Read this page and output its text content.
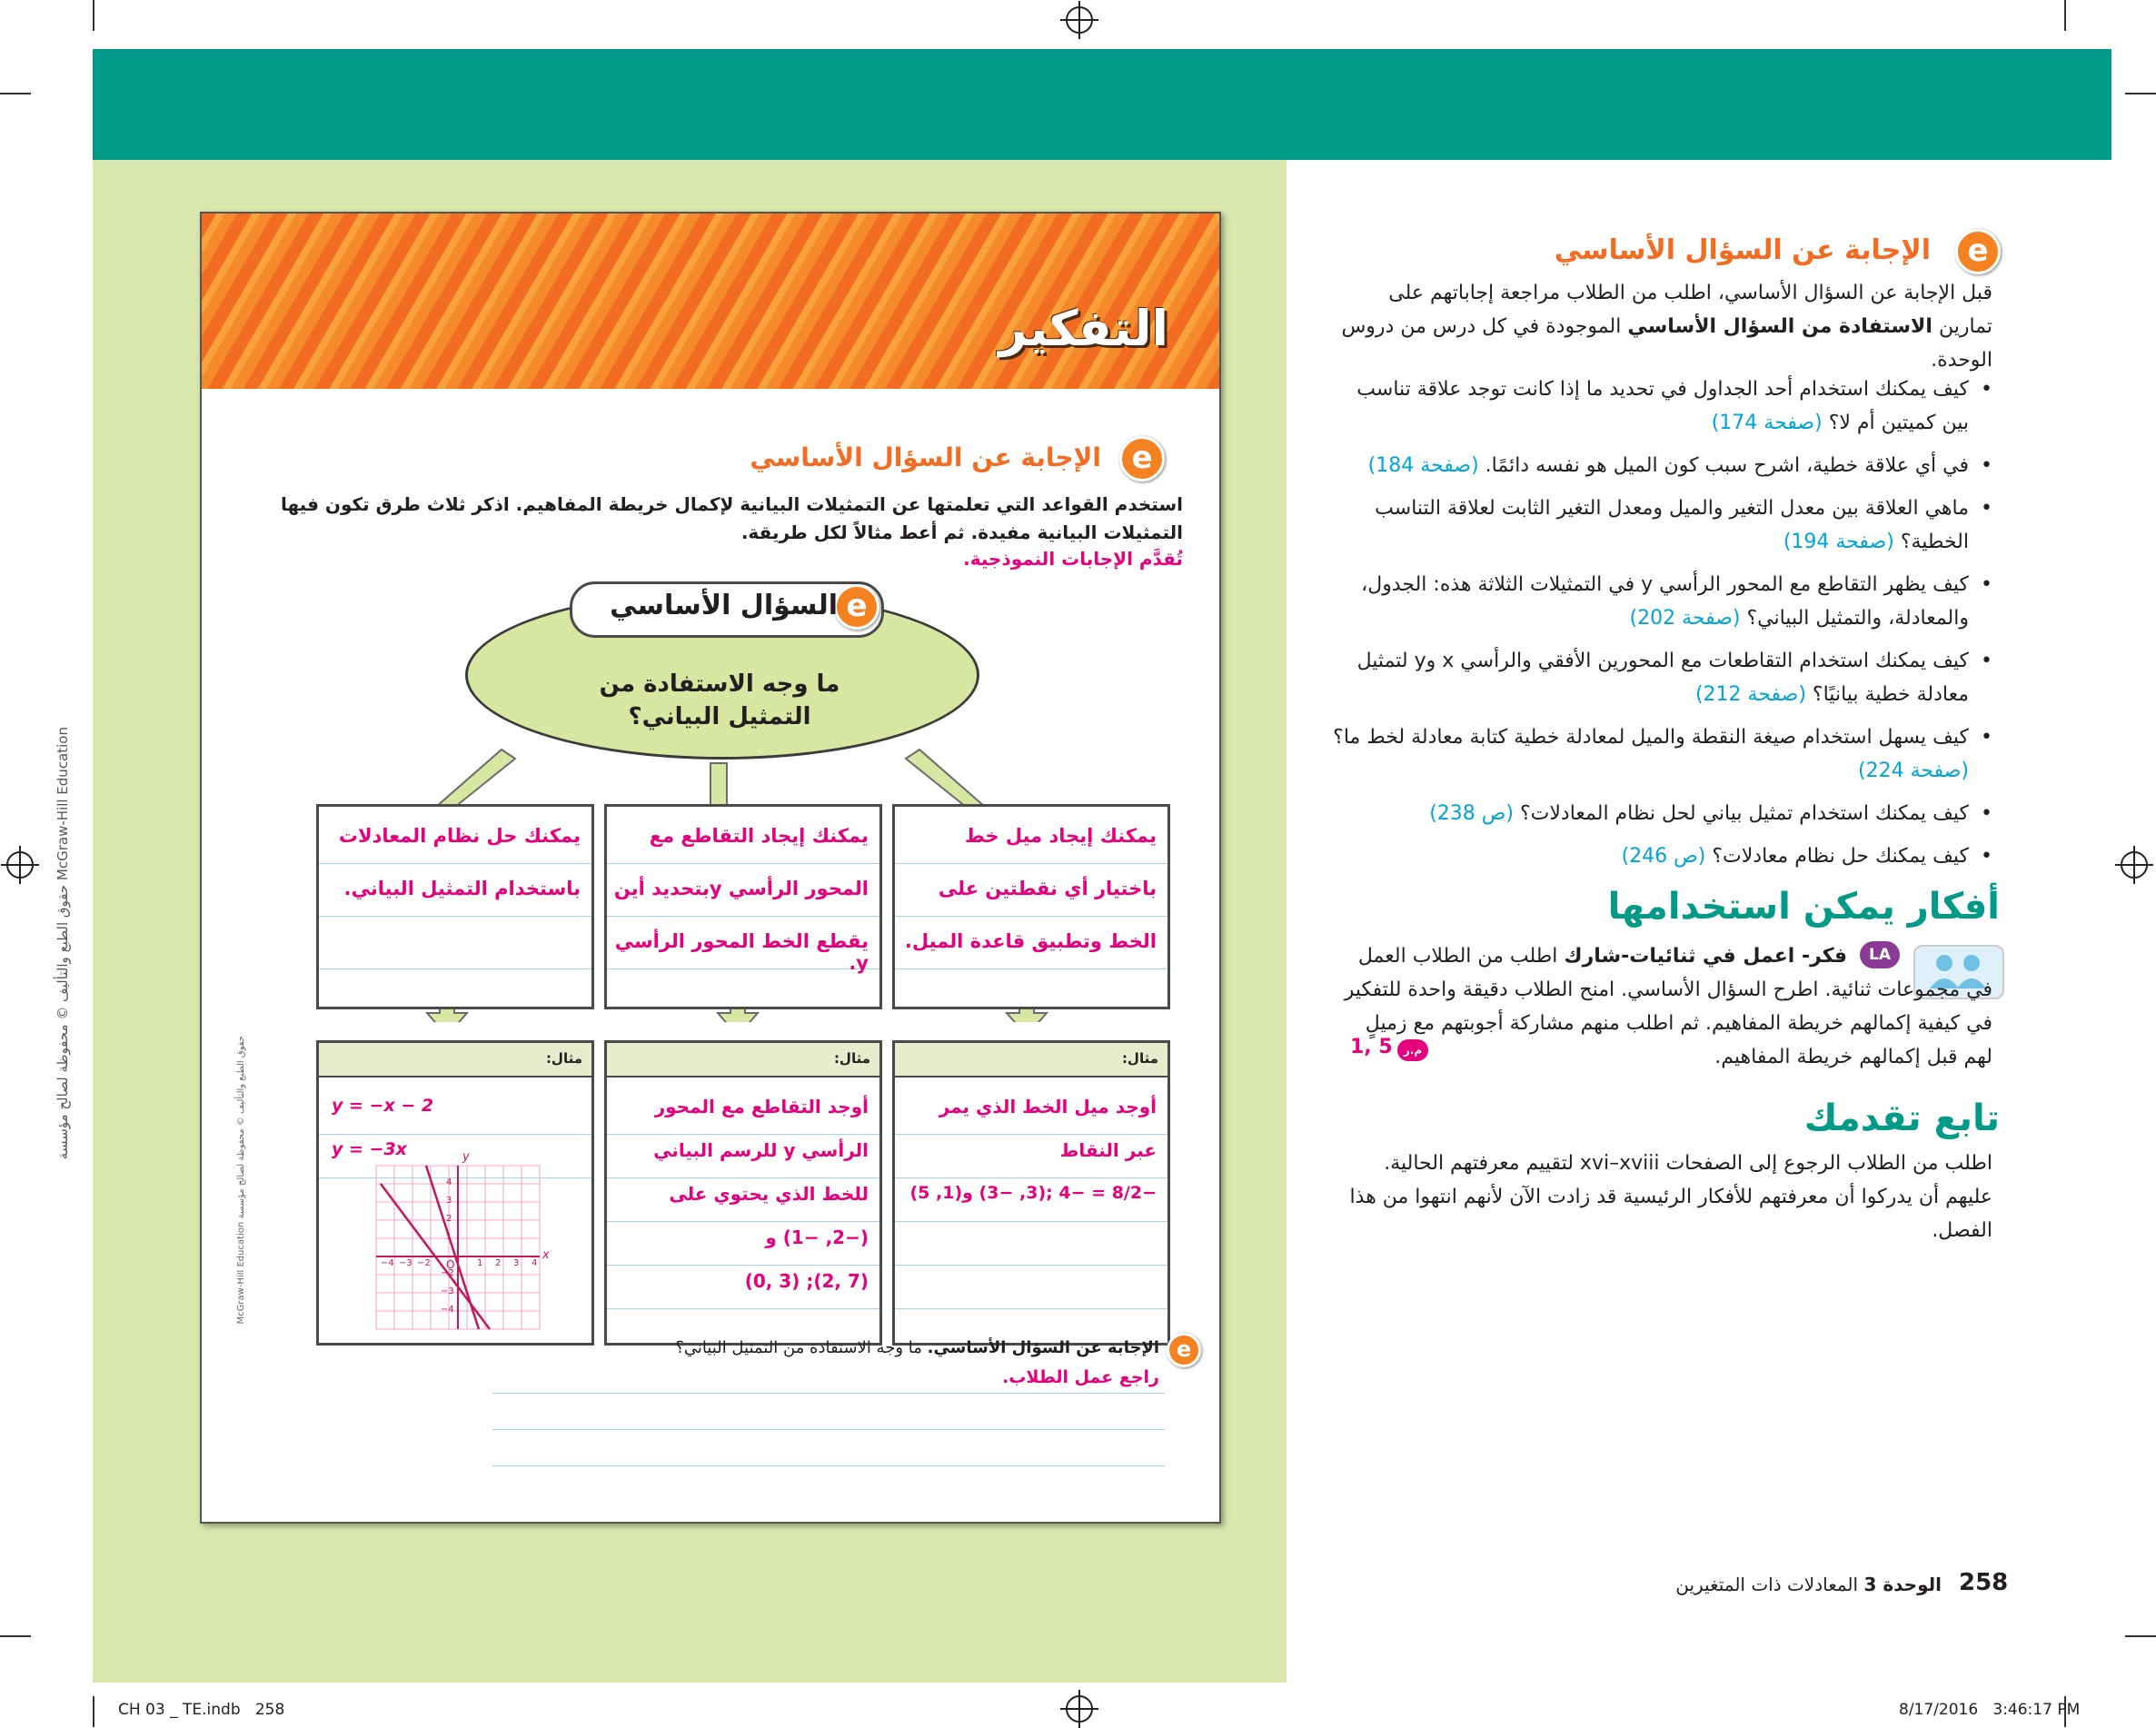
McGraw-Hill Education حقوق الطبع والتأليف © محفوظة لصالح مؤسسة
التفكير
e
الإجابة عن السؤال الأساسي
استخدم القواعد التي تعلمتها عن التمثيلات البيانية لإكمال خريطة المفاهيم. اذكر ثلاث طرق تكون فيها التمثيلات البيانية مفيدة. ثم أعط مثالاً لكل طريقة.
تُقدَّم الإجابات النموذجية.
e
السؤال الأساسي
ما وجه الاستفادة من التمثيل البياني؟
يمكنك إيجاد ميل خط
باختيار أي نقطتين على
الخط وتطبيق قاعدة الميل.
يمكنك إيجاد التقاطع مع
المحور الرأسي yبتحديد أين
يقطع الخط المحور الرأسي y.
يمكنك حل نظام المعادلات
باستخدام التمثيل البياني.
مثال:
أوجد ميل الخط الذي يمر
عبر النقاط
−8/2 = −4 ;(3, −3) و(1, 5)
مثال:
أوجد التقاطع مع المحور
الرأسي y للرسم البياني
للخط الذي يحتوي على
(−2, −1) و
(0, 3) ;(2, 7)
مثال:
y = −x − 2
y = −3x
x
y
O
−4 −3 −2	1 2 3 4
4
3
2
1
−2
−3
−4
حقوق الطبع والتأليف © محفوظة لصالح مؤسسة McGraw-Hill Education
e
الإجابة عن السؤال الأساسي. ما وجه الاستفادة من التمثيل البياني؟
راجع عمل الطلاب.
e
الإجابة عن السؤال الأساسي
قبل الإجابة عن السؤال الأساسي، اطلب من الطلاب مراجعة إجاباتهم على تمارين الاستفادة من السؤال الأساسي الموجودة في كل درس من دروس الوحدة.
•
كيف يمكنك استخدام أحد الجداول في تحديد ما إذا كانت توجد علاقة تناسب بين كميتين أم لا؟ (صفحة 174)
•
في أي علاقة خطية، اشرح سبب كون الميل هو نفسه دائمًا. (صفحة 184)
•
ماهي العلاقة بين معدل التغير والميل ومعدل التغير الثابت لعلاقة التناسب الخطية؟ (صفحة 194)
•
كيف يظهر التقاطع مع المحور الرأسي y في التمثيلات الثلاثة هذه: الجدول، والمعادلة، والتمثيل البياني؟ (صفحة 202)
•
كيف يمكنك استخدام التقاطعات مع المحورين الأفقي والرأسي x وy لتمثيل معادلة خطية بيانيًا؟ (صفحة 212)
•
كيف يسهل استخدام صيغة النقطة والميل لمعادلة خطية كتابة معادلة لخط ما؟ (صفحة 224)
•
كيف يمكنك استخدام تمثيل بياني لحل نظام المعادلات؟ (ص 238)
•
كيف يمكنك حل نظام معادلات؟ (ص 246)
أفكار يمكن استخدامها
LA
فكر- اعمل في ثنائيات-شارك اطلب من الطلاب العمل في مجموعات ثنائية. اطرح السؤال الأساسي. امنح الطلاب دقيقة واحدة للتفكير في كيفية إكمالهم خريطة المفاهيم. ثم اطلب منهم مشاركة أجوبتهم مع زميلٍ لهم قبل إكمالهم خريطة المفاهيم.
م.ر
1, 5
تابع تقدمك
اطلب من الطلاب الرجوع إلى الصفحات xvi–xviii لتقييم معرفتهم الحالية. عليهم أن يدركوا أن معرفتهم للأفكار الرئيسية قد زادت الآن لأنهم انتهوا من هذا الفصل.
258
الوحدة 3 المعادلات ذات المتغيرين
CH 03 _ TE.indb   258	8/17/2016   3:46:17 PM
